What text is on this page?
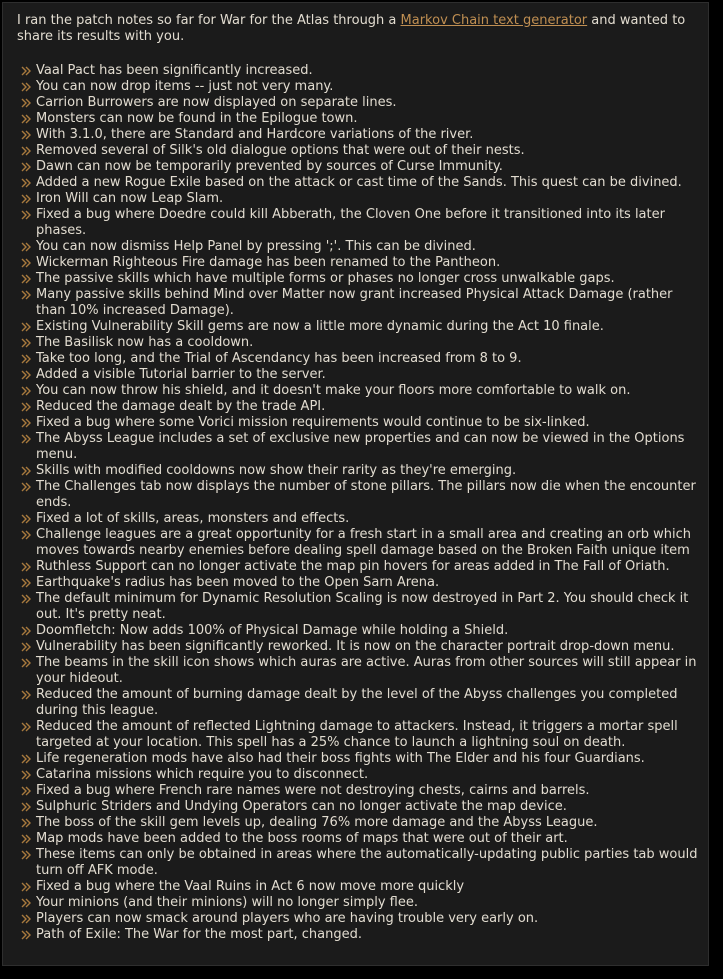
I ran the patch notes so far for War for the Atlas through a Markov Chain text generator and wanted to share its results with you.

Vaal Pact has been significantly increased.
You can now drop items -- just not very many.
Carrion Burrowers are now displayed on separate lines.
Monsters can now be found in the Epilogue town.
With 3.1.0, there are Standard and Hardcore variations of the river.
Removed several of Silk's old dialogue options that were out of their nests.
Dawn can now be temporarily prevented by sources of Curse Immunity.
Added a new Rogue Exile based on the attack or cast time of the Sands. This quest can be divined.
Iron Will can now Leap Slam.
Fixed a bug where Doedre could kill Abberath, the Cloven One before it transitioned into its later phases.
You can now dismiss Help Panel by pressing ';'. This can be divined.
Wickerman Righteous Fire damage has been renamed to the Pantheon.
The passive skills which have multiple forms or phases no longer cross unwalkable gaps.
Many passive skills behind Mind over Matter now grant increased Physical Attack Damage (rather than 10% increased Damage).
Existing Vulnerability Skill gems are now a little more dynamic during the Act 10 finale.
The Basilisk now has a cooldown.
Take too long, and the Trial of Ascendancy has been increased from 8 to 9.
Added a visible Tutorial barrier to the server.
You can now throw his shield, and it doesn't make your floors more comfortable to walk on.
Reduced the damage dealt by the trade API.
Fixed a bug where some Vorici mission requirements would continue to be six-linked.
The Abyss League includes a set of exclusive new properties and can now be viewed in the Options menu.
Skills with modified cooldowns now show their rarity as they're emerging.
The Challenges tab now displays the number of stone pillars. The pillars now die when the encounter ends.
Fixed a lot of skills, areas, monsters and effects.
Challenge leagues are a great opportunity for a fresh start in a small area and creating an orb which moves towards nearby enemies before dealing spell damage based on the Broken Faith unique item
Ruthless Support can no longer activate the map pin hovers for areas added in The Fall of Oriath.
Earthquake's radius has been moved to the Open Sarn Arena.
The default minimum for Dynamic Resolution Scaling is now destroyed in Part 2. You should check it out. It's pretty neat.
Doomfletch: Now adds 100% of Physical Damage while holding a Shield.
Vulnerability has been significantly reworked. It is now on the character portrait drop-down menu.
The beams in the skill icon shows which auras are active. Auras from other sources will still appear in your hideout.
Reduced the amount of burning damage dealt by the level of the Abyss challenges you completed during this league.
Reduced the amount of reflected Lightning damage to attackers. Instead, it triggers a mortar spell targeted at your location. This spell has a 25% chance to launch a lightning soul on death.
Life regeneration mods have also had their boss fights with The Elder and his four Guardians.
Catarina missions which require you to disconnect.
Fixed a bug where French rare names were not destroying chests, cairns and barrels.
Sulphuric Striders and Undying Operators can no longer activate the map device.
The boss of the skill gem levels up, dealing 76% more damage and the Abyss League.
Map mods have been added to the boss rooms of maps that were out of their art.
These items can only be obtained in areas where the automatically-updating public parties tab would turn off AFK mode.
Fixed a bug where the Vaal Ruins in Act 6 now move more quickly
Your minions (and their minions) will no longer simply flee.
Players can now smack around players who are having trouble very early on.
Path of Exile: The War for the most part, changed.
